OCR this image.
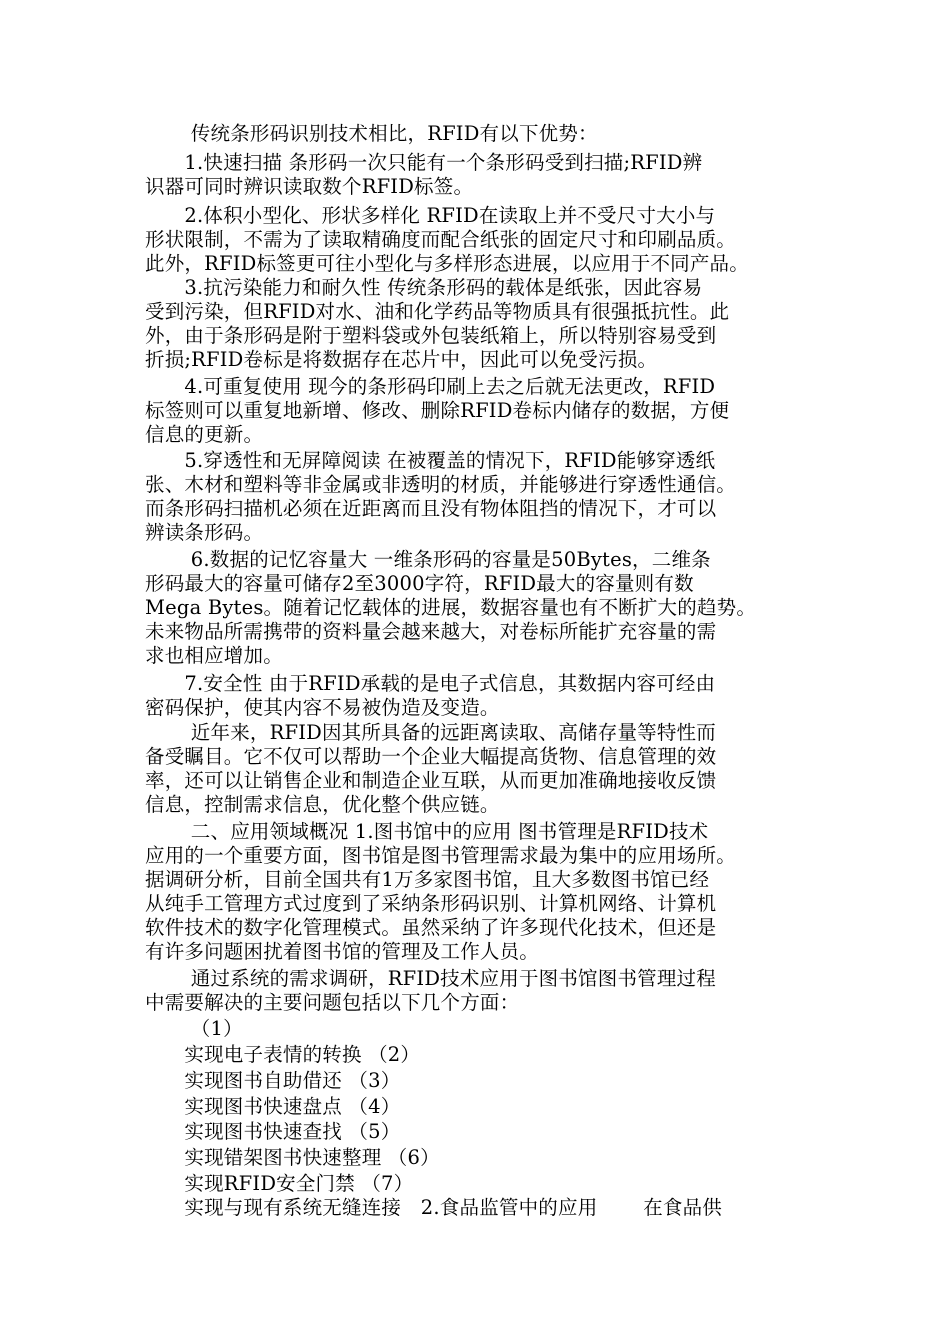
　　 传统条形码识别技术相比，RFID有以下优势：
　　1.快速扫描 条形码一次只能有一个条形码受到扫描;RFID辨
识器可同时辨识读取数个RFID标签。
　　2.体积小型化、形状多样化 RFID在读取上并不受尺寸大小与
形状限制，不需为了读取精确度而配合纸张的固定尺寸和印刷品质。
此外，RFID标签更可往小型化与多样形态进展，以应用于不同产品。
　　3.抗污染能力和耐久性 传统条形码的载体是纸张，因此容易
受到污染，但RFID对水、油和化学药品等物质具有很强抵抗性。此
外，由于条形码是附于塑料袋或外包装纸箱上，所以特别容易受到
折损;RFID卷标是将数据存在芯片中，因此可以免受污损。
　　4.可重复使用 现今的条形码印刷上去之后就无法更改，RFID
标签则可以重复地新增、修改、删除RFID卷标内储存的数据，方便
信息的更新。
　　5.穿透性和无屏障阅读 在被覆盖的情况下，RFID能够穿透纸
张、木材和塑料等非金属或非透明的材质，并能够进行穿透性通信。
而条形码扫描机必须在近距离而且没有物体阻挡的情况下，才可以
辨读条形码。
　　 6.数据的记忆容量大 一维条形码的容量是50Bytes，二维条
形码最大的容量可储存2至3000字符，RFID最大的容量则有数
Mega Bytes。随着记忆载体的进展，数据容量也有不断扩大的趋势。
未来物品所需携带的资料量会越来越大，对卷标所能扩充容量的需
求也相应增加。
　　7.安全性 由于RFID承载的是电子式信息，其数据内容可经由
密码保护，使其内容不易被伪造及变造。
　　 近年来，RFID因其所具备的远距离读取、高储存量等特性而
备受瞩目。它不仅可以帮助一个企业大幅提高货物、信息管理的效
率，还可以让销售企业和制造企业互联，从而更加准确地接收反馈
信息，控制需求信息，优化整个供应链。
　　 二、应用领域概况 1.图书馆中的应用 图书管理是RFID技术
应用的一个重要方面，图书馆是图书管理需求最为集中的应用场所。
据调研分析，目前全国共有1万多家图书馆，且大多数图书馆已经
从纯手工管理方式过度到了采纳条形码识别、计算机网络、计算机
软件技术的数字化管理模式。虽然采纳了许多现代化技术，但还是
有许多问题困扰着图书馆的管理及工作人员。
　　 通过系统的需求调研，RFID技术应用于图书馆图书管理过程
中需要解决的主要问题包括以下几个方面：
　　 （1）
　　实现电子表情的转换 （2）
　　实现图书自助借还 （3）
　　实现图书快速盘点 （4）
　　实现图书快速查找 （5）
　　实现错架图书快速整理 （6）
　　实现RFID安全门禁 （7）
　　实现与现有系统无缝连接　2.食品监管中的应用　　 在食品供
